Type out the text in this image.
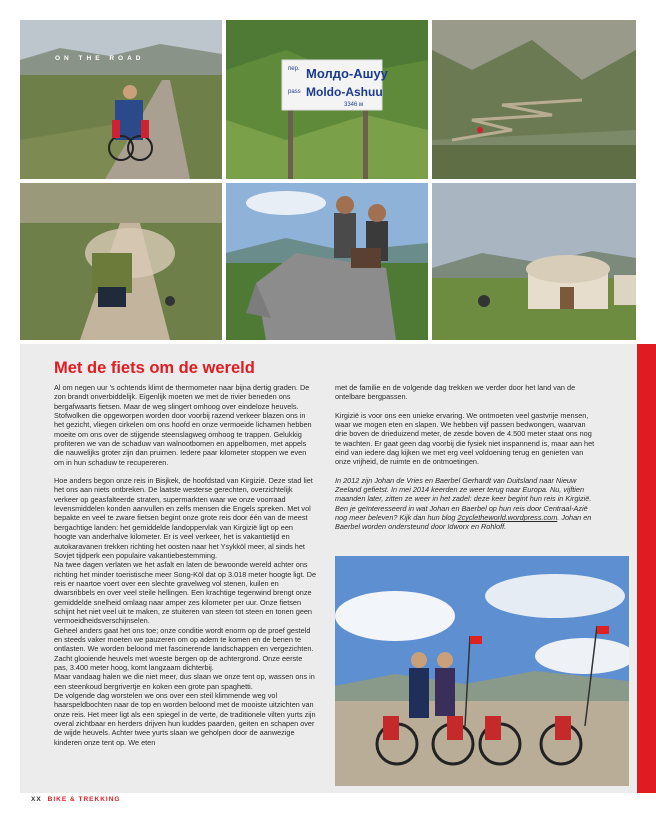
ON THE ROAD
пер. Молдо-Ашуу
pass Moldo-Ashuu
3346 м
Met de fiets om de wereld

Al om negen uur 's ochtends klimt de thermometer naar bijna dertig graden. De zon brandt onverbiddelijk. Eigenlijk moeten we met de rivier beneden ons bergafwaarts fietsen. Maar de weg slingert omhoog over eindeloze heuvels. Stofwolken die opgeworpen worden door voorbij razend verkeer blazen ons in het gezicht, vliegen cirkelen om ons hoofd en onze vermoeide lichamen hebben moeite om ons over de stijgende steenslagweg omhoog te trappen. Gelukkig profiteren we van de schaduw van walnootbomen en appelbomen, met appels die nauwelijks groter zijn dan pruimen. Iedere paar kilometer stoppen we even om in hun schaduw te recupereren.

Hoe anders begon onze reis in Bisjkek, de hoofdstad van Kirgizië. Deze stad liet het ons aan niets ontbreken. De laatste westerse gerechten, overzichtelijk verkeer op geasfalteerde straten, supermarkten waar we onze voorraad levensmiddelen konden aanvullen en zelfs mensen die Engels spreken. Met vol bepakte en veel te zware fietsen begint onze grote reis door één van de meest bergachtige landen: het gemiddelde landoppervlak van Kirgizië ligt op een hoogte van anderhalve kilometer. Er is veel verkeer, het is vakantietijd en autokaravanen trekken richting het oosten naar het Ysykköl meer, al sinds het Sovjet tijdperk een populaire vakantiebestemming.
Na twee dagen verlaten we het asfalt en laten de bewoonde wereld achter ons richting het minder toeristische meer Song-Köl dat op 3.018 meter hoogte ligt. De reis er naartoe voert over een slechte gravelweg vol stenen, kuilen en dwarsribbels en over veel steile hellingen. Een krachtige tegenwind brengt onze gemiddelde snelheid omlaag naar amper zes kilometer per uur. Onze fietsen schijnt het niet veel uit te maken, ze stuiteren van steen tot steen en tonen geen vermoeidheidsverschijnselen.
Geheel anders gaat het ons toe; onze conditie wordt enorm op de proef gesteld en steeds vaker moeten we pauzeren om op adem te komen en de benen te ontlasten. We worden beloond met fascinerende landschappen en vergezichten. Zacht glooiende heuvels met woeste bergen op de achtergrond. Onze eerste pas, 3.400 meter hoog, komt langzaam dichterbij.
Maar vandaag halen we die niet meer, dus slaan we onze tent op, wassen ons in een steenkoud bergrivertje en koken een grote pan spaghetti.
De volgende dag worstelen we ons over een steil klimmende weg vol haarspeldbochten naar de top en worden beloond met de mooiste uitzichten van onze reis. Het meer ligt als een spiegel in de verte, de traditionele vilten yurts zijn overal zichtbaar en herders drijven hun kuddes paarden, geiten en schapen over de wijde heuvels. Achter twee yurts slaan we geholpen door de aanwezige kinderen onze tent op. We eten

met de familie en de volgende dag trekken we verder door het land van de ontelbare bergpassen.

Kirgizië is voor ons een unieke ervaring. We ontmoeten veel gastvrije mensen, waar we mogen eten en slapen. We hebben vijf passen bedwongen, waarvan drie boven de drieduizend meter, de zesde boven de 4.500 meter staat ons nog te wachten. Er gaat geen dag voorbij die fysiek niet inspannend is, maar aan het eind van iedere dag kijken we met erg veel voldoening terug en genieten van onze vrijheid, de ruimte en de ontmoetingen.

In 2012 zijn Johan de Vries en Baerbel Gerhardt van Duitsland naar Nieuw Zeeland gefietst. In mei 2014 keerden ze weer terug naar Europa. Nu, vijftien maanden later, zitten ze weer in het zadel: deze keer begint hun reis in Kirgizië. Ben je geïnteresseerd in wat Johan en Baerbel op hun reis door Centraal-Azië nog meer beleven? Kijk dan hun blog 2cycletheworld.wordpress.com. Johan en Baerbel worden ondersteund door Idworx en Rohloff.

XX BIKE & TREKKING
